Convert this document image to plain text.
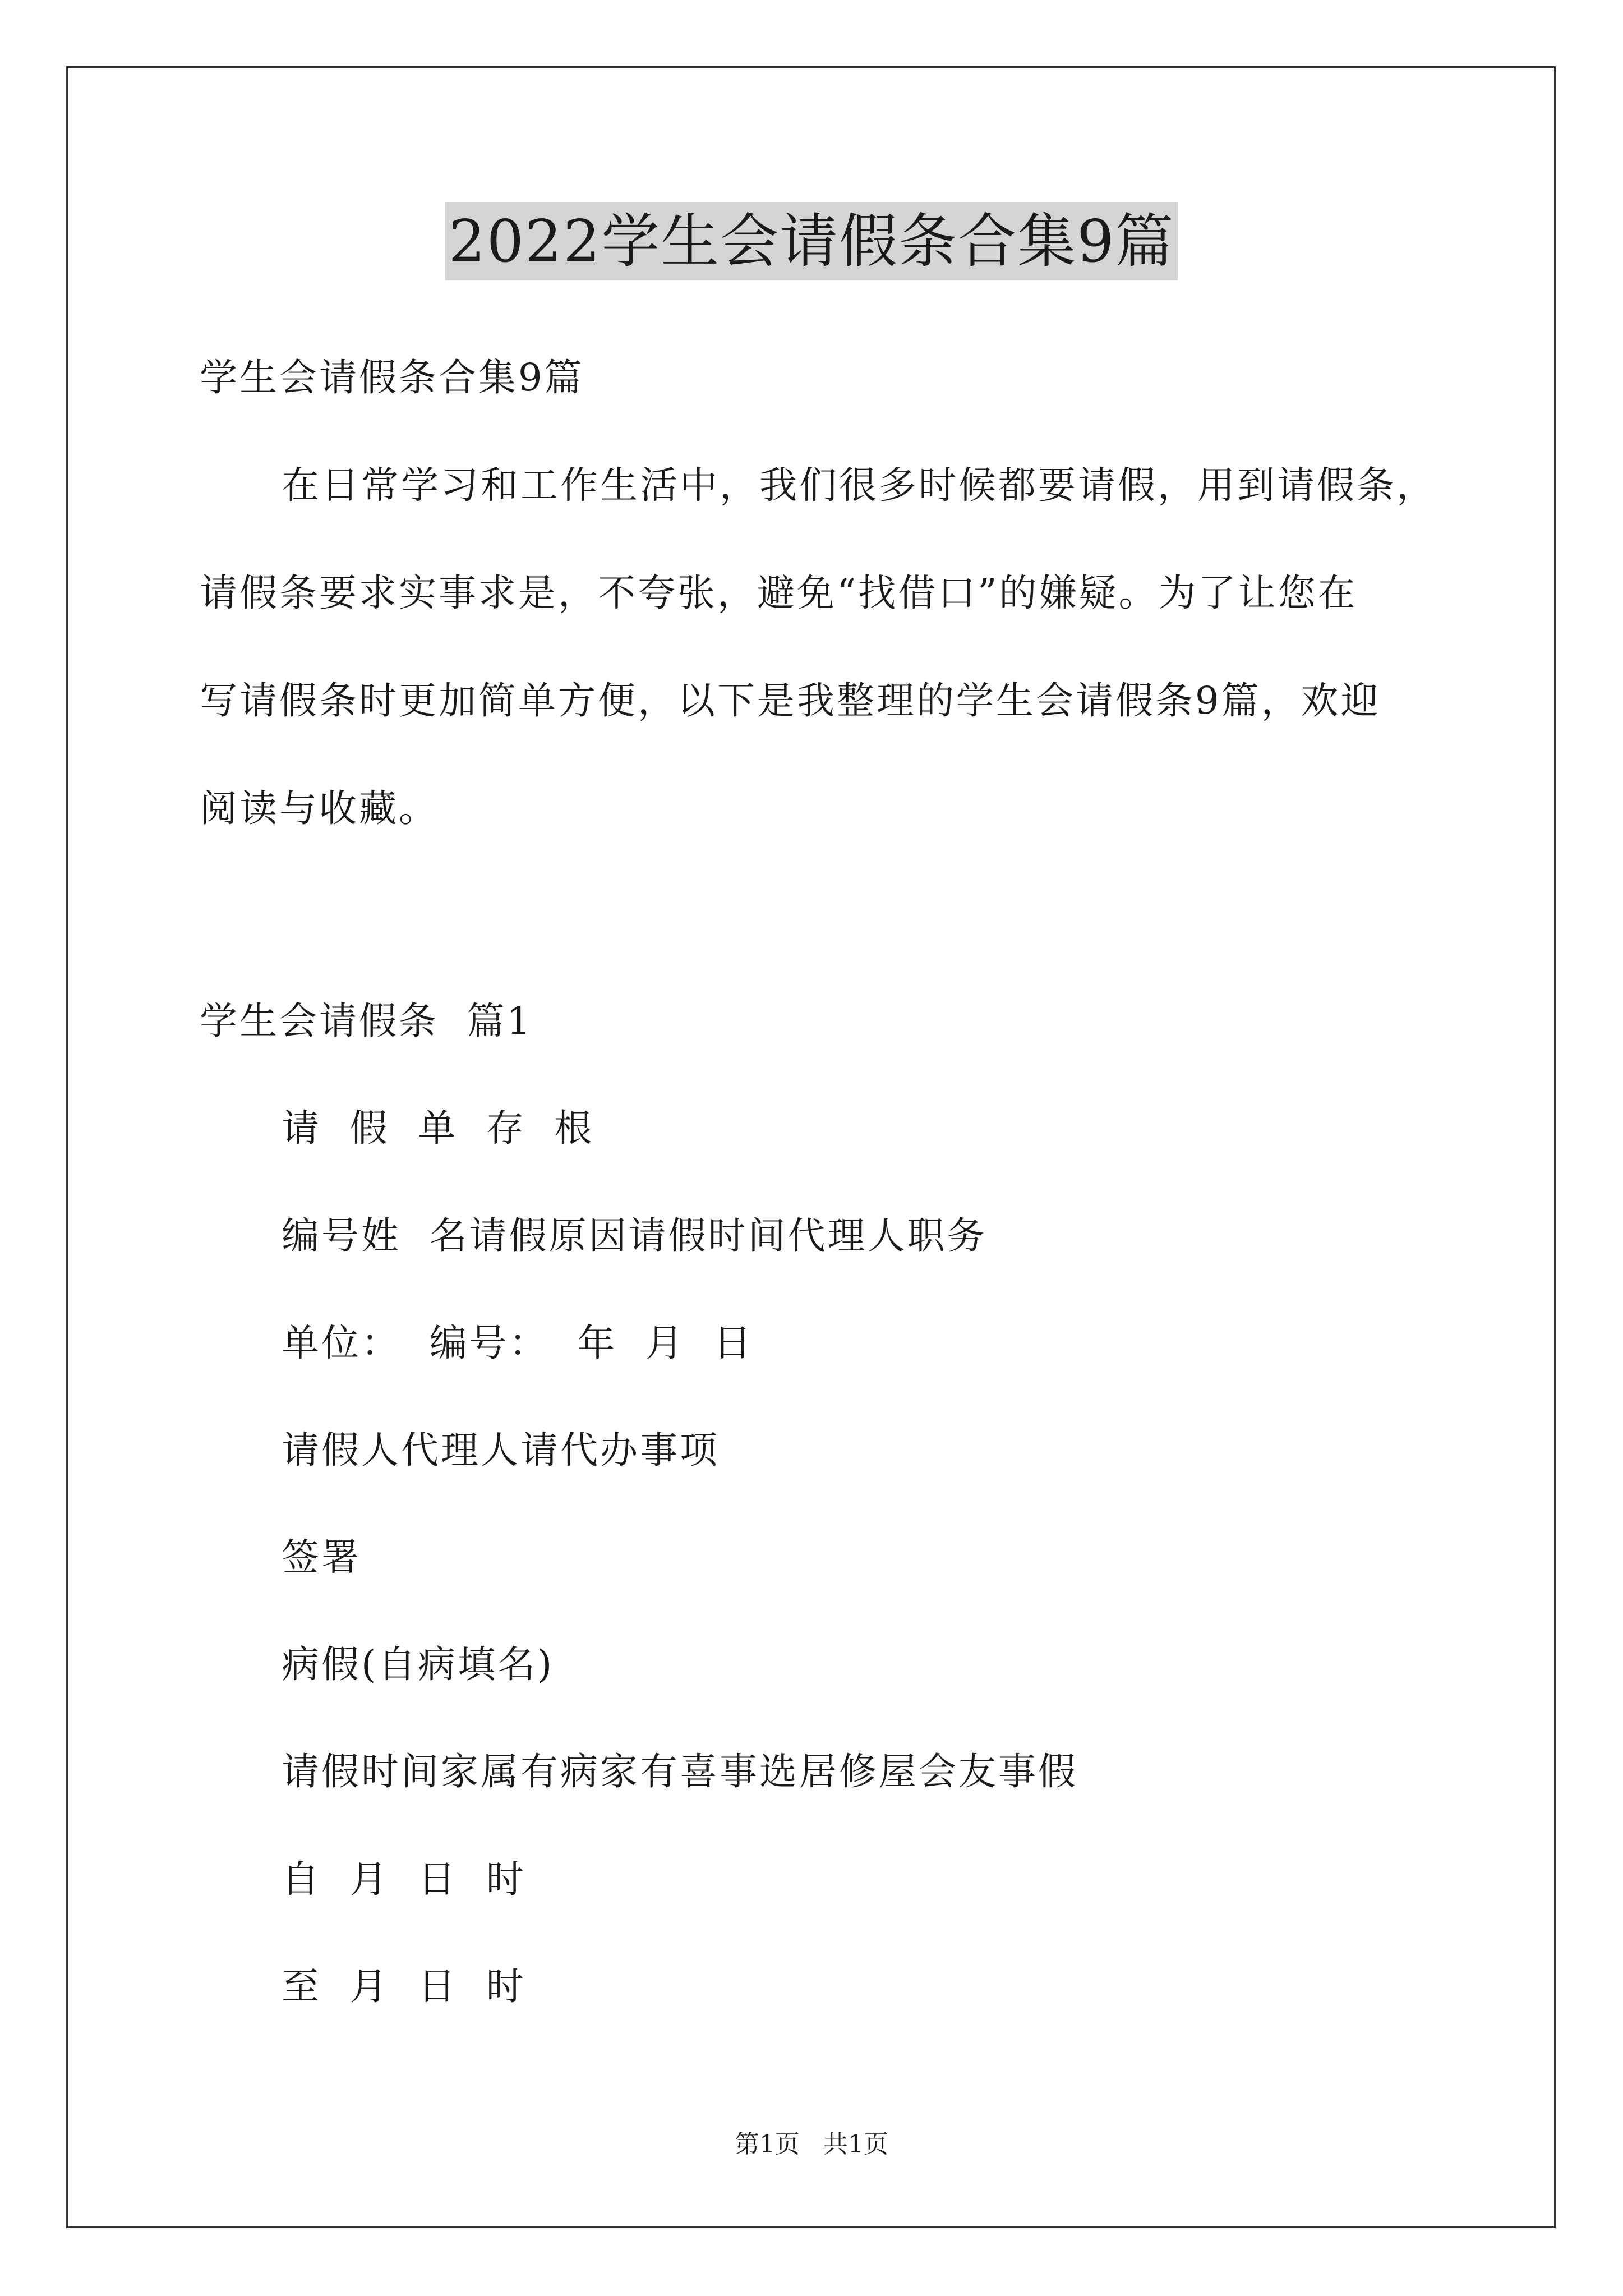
2022学生会请假条合集9篇
学生会请假条合集9篇
在日常学习和工作生活中，我们很多时候都要请假，用到请假条，
请假条要求实事求是，不夸张，避免“找借口”的嫌疑。为了让您在
写请假条时更加简单方便，以下是我整理的学生会请假条9篇，欢迎
阅读与收藏。
学生会请假条  篇1
请  假  单  存  根
编号姓  名请假原因请假时间代理人职务
单位：  编号：  年  月  日
请假人代理人请代办事项
签署
病假(自病填名)
请假时间家属有病家有喜事选居修屋会友事假
自  月  日  时
至  月  日  时
第1页   共1页
